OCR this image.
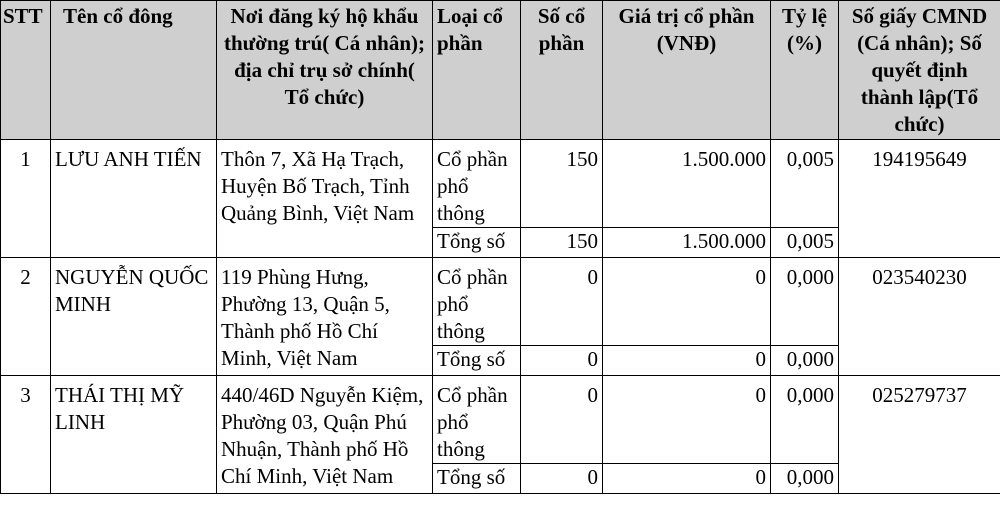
STT	Tên cổ đông	Nơi đăng ký hộ khẩu thường trú( Cá nhân); địa chỉ trụ sở chính( Tổ chức)	Loại cổ phần	Số cổ phần	Giá trị cổ phần (VNĐ)	Tỷ lệ (%)	Số giấy CMND (Cá nhân); Số quyết định thành lập(Tổ chức)
1	LƯU ANH TIẾN	Thôn 7, Xã Hạ Trạch, Huyện Bố Trạch, Tỉnh Quảng Bình, Việt Nam	Cổ phần phổ thông	150	1.500.000	0,005	194195649
			Tổng số	150	1.500.000	0,005	
2	NGUYỄN QUỐC MINH	119 Phùng Hưng, Phường 13, Quận 5, Thành phố Hồ Chí Minh, Việt Nam	Cổ phần phổ thông	0	0	0,000	023540230
			Tổng số	0	0	0,000	
3	THÁI THỊ MỸ LINH	440/46D Nguyễn Kiệm, Phường 03, Quận Phú Nhuận, Thành phố Hồ Chí Minh, Việt Nam	Cổ phần phổ thông	0	0	0,000	025279737
			Tổng số	0	0	0,000	
